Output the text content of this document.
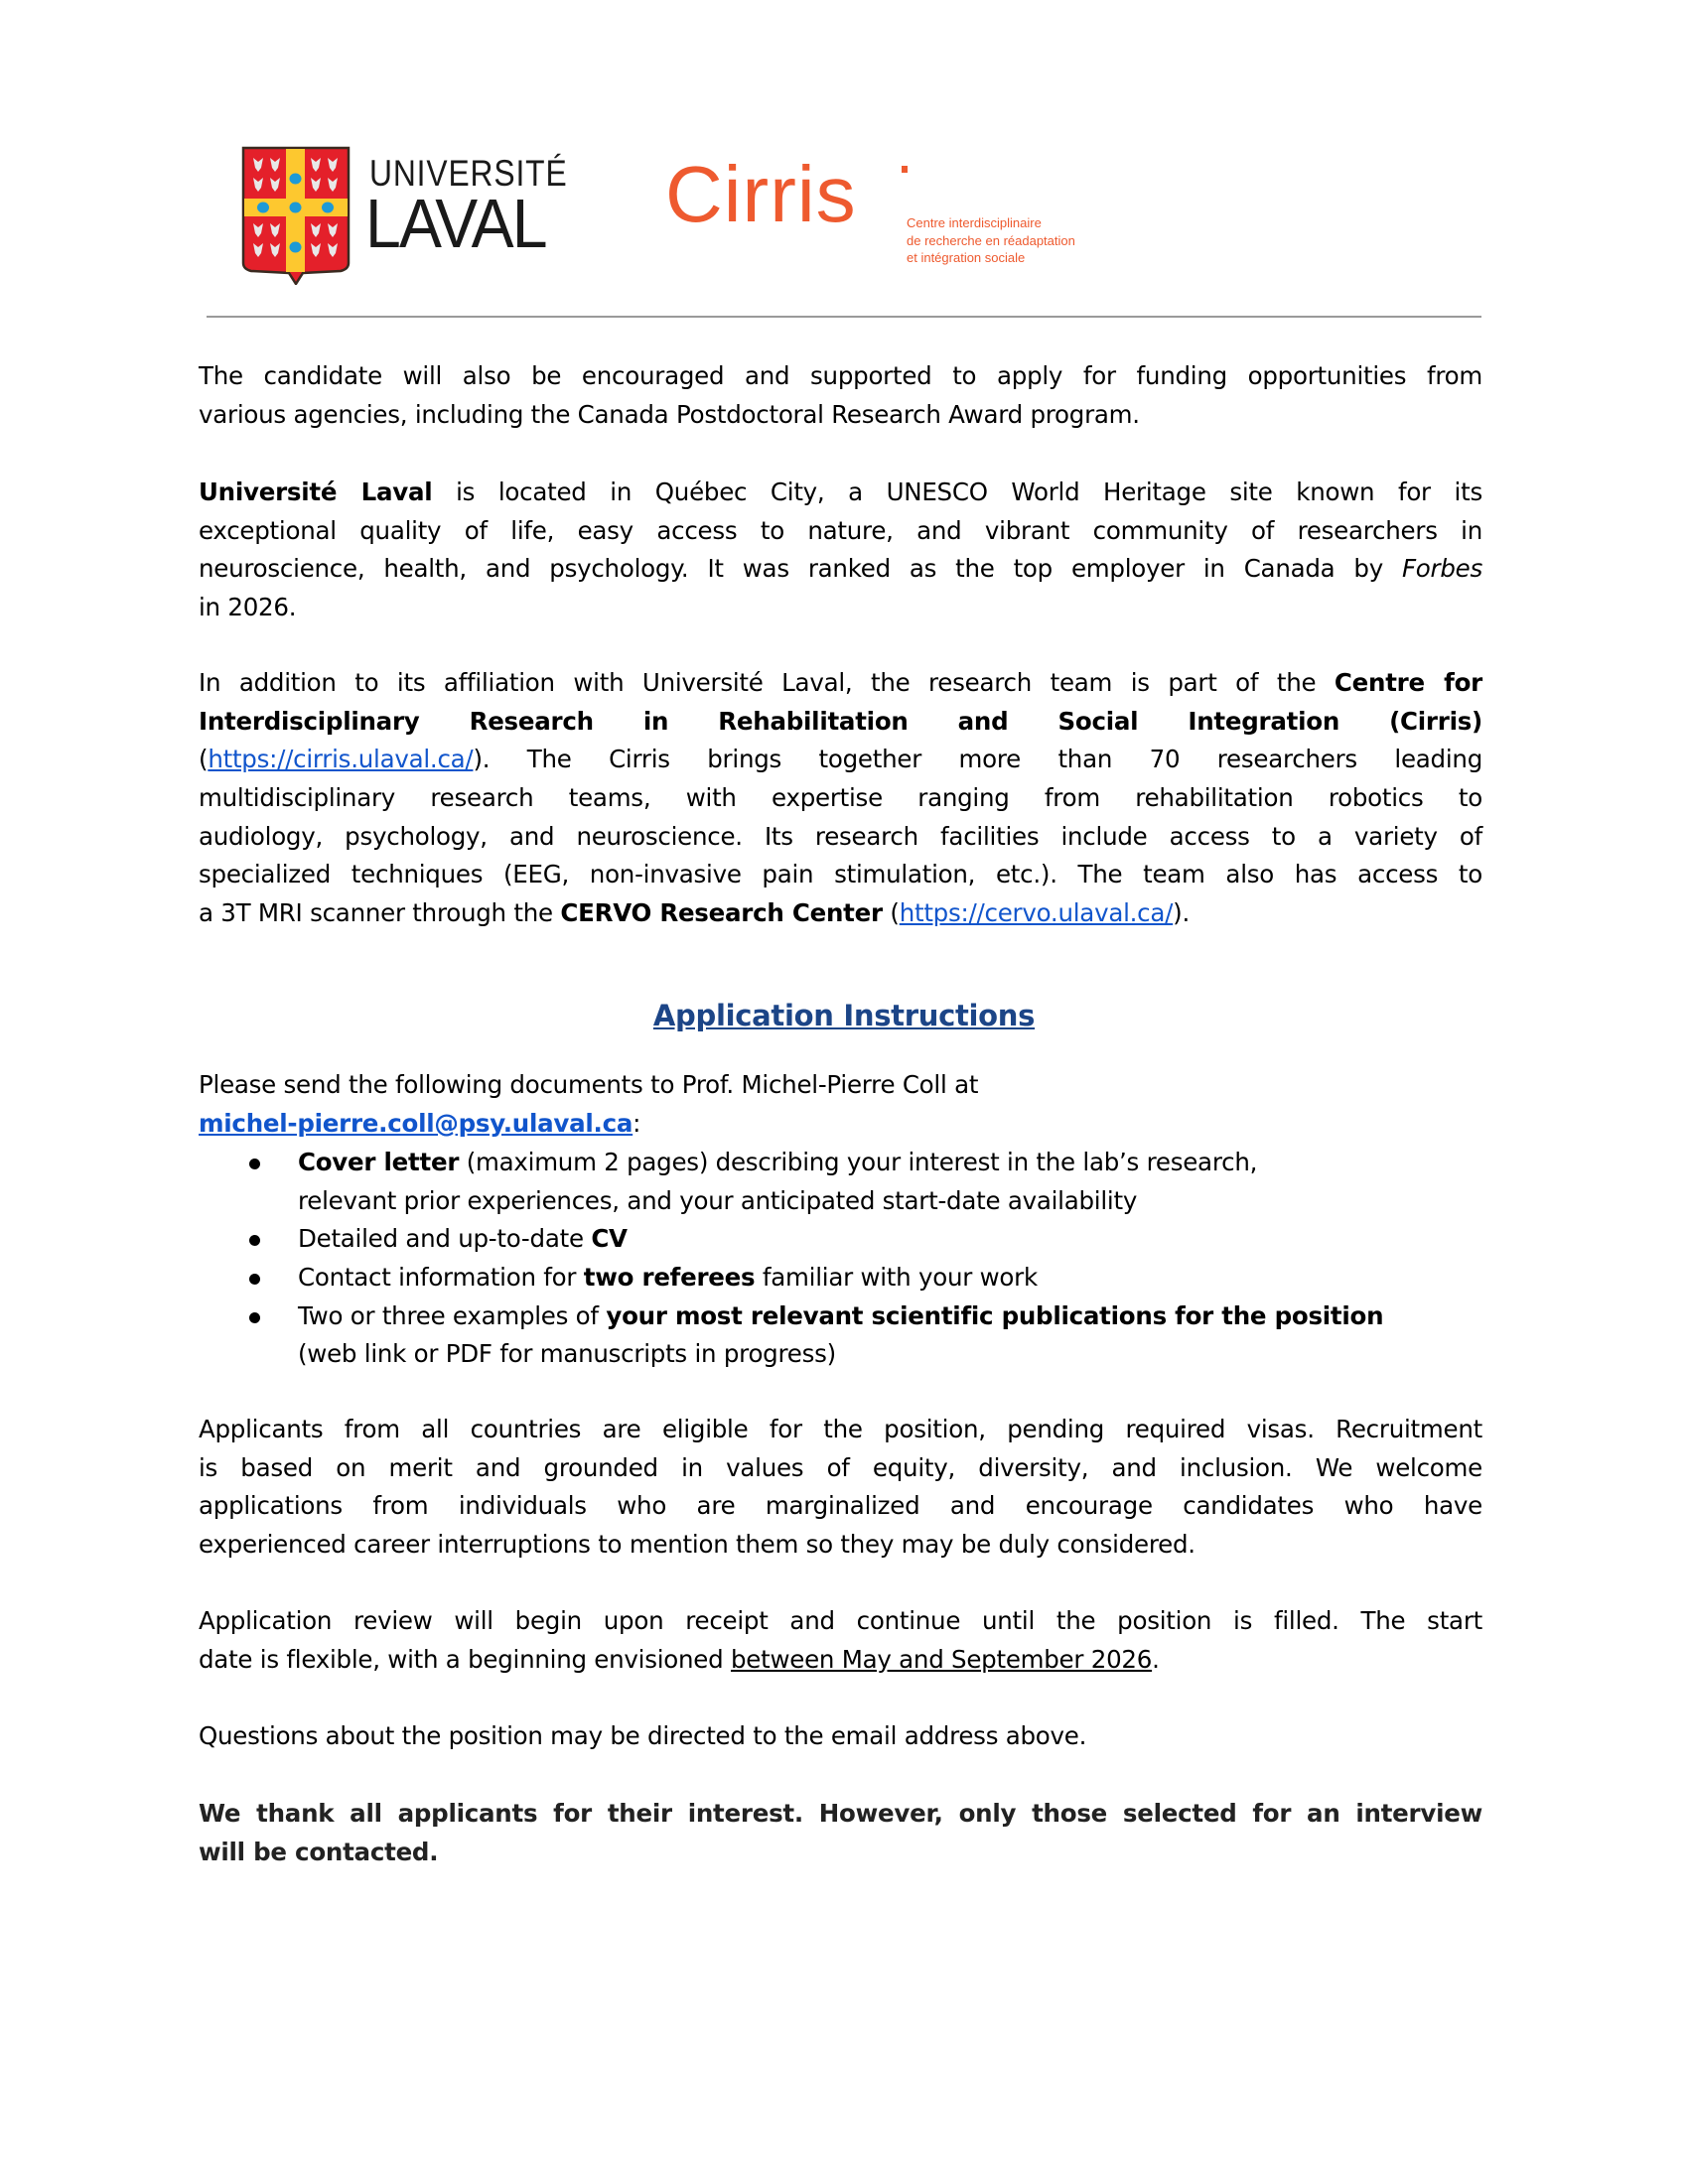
UNIVERSITÉ
LAVAL Cirris	Centre interdisciplinaire
de recherche en réadaptation
et intégration sociale
The candidate will also be encouraged and supported to apply for funding opportunities from
various agencies, including the Canada Postdoctoral Research Award program.
Université Laval is located in Québec City, a UNESCO World Heritage site known for its
exceptional quality of life, easy access to nature, and vibrant community of researchers in
neuroscience, health, and psychology. It was ranked as the top employer in Canada by Forbes
in 2026.
In addition to its affiliation with Université Laval, the research team is part of the Centre for
Interdisciplinary Research in Rehabilitation and Social Integration (Cirris)
(https://cirris.ulaval.ca/). The Cirris brings together more than 70 researchers leading
multidisciplinary research teams, with expertise ranging from rehabilitation robotics to
audiology, psychology, and neuroscience. Its research facilities include access to a variety of
specialized techniques (EEG, non-invasive pain stimulation, etc.). The team also has access to
a 3T MRI scanner through the CERVO Research Center (https://cervo.ulaval.ca/).
Application Instructions
Please send the following documents to Prof. Michel-Pierre Coll at
michel-pierre.coll@psy.ulaval.ca:
Cover letter (maximum 2 pages) describing your interest in the lab’s research,
relevant prior experiences, and your anticipated start-date availability
Detailed and up-to-date CV
Contact information for two referees familiar with your work
Two or three examples of your most relevant scientific publications for the position
(web link or PDF for manuscripts in progress)
Applicants from all countries are eligible for the position, pending required visas. Recruitment
is based on merit and grounded in values of equity, diversity, and inclusion. We welcome
applications from individuals who are marginalized and encourage candidates who have
experienced career interruptions to mention them so they may be duly considered.
Application review will begin upon receipt and continue until the position is filled. The start
date is flexible, with a beginning envisioned between May and September 2026.
Questions about the position may be directed to the email address above.
We thank all applicants for their interest. However, only those selected for an interview
will be contacted.
